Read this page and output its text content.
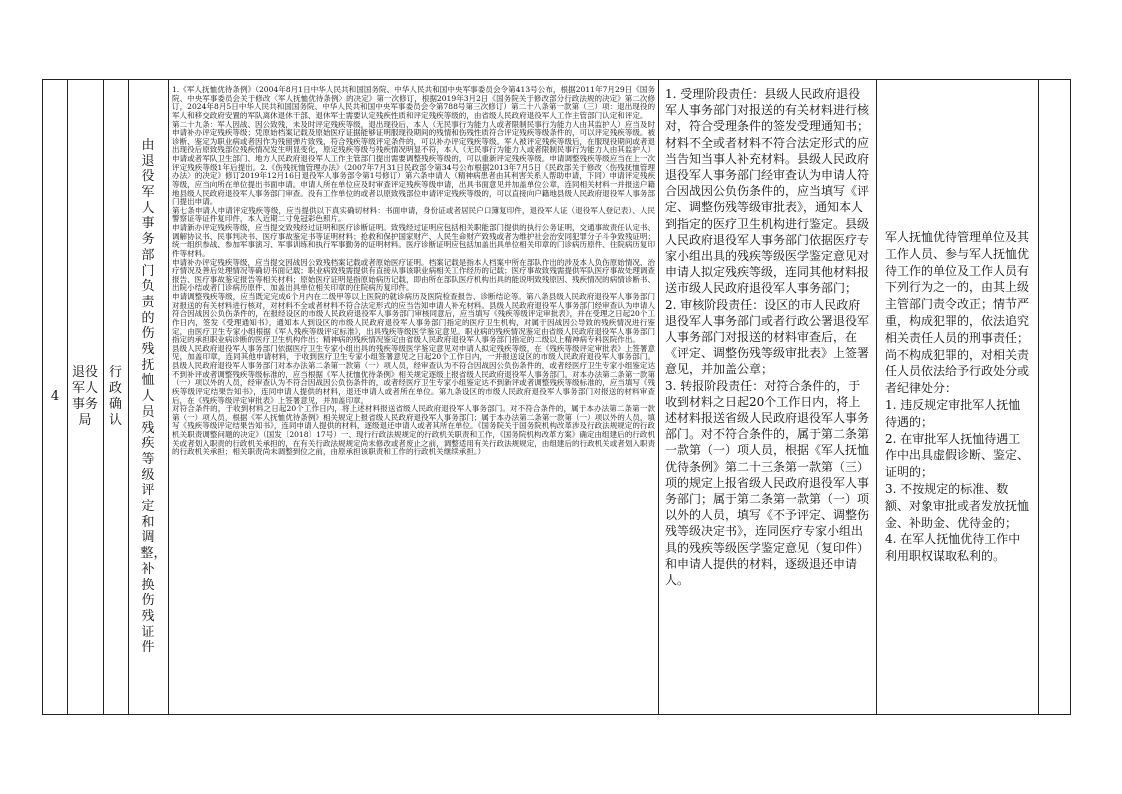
4
退役军人事务局
行政确认
由退役军人事务部门负责的伤残抚恤人员残疾等级评定和调整，补换伤残证件
1.《军人抚恤优待条例》（2004年8月1日中华人民共和国国务院、中华人民共和国中央军事委员会令第413号公布，根据2011年7月29日《国务院、中央军事委员会关于修改〈军人抚恤优待条例〉的决定》第一次修订，根据2019年3月2日《国务院关于修改部分行政法规的决定》第二次修订，2024年8月5日中华人民共和国国务院、中华人民共和国中央军事委员会令第788号第三次修订）第二十八条第一款第（三）项：退出现役的军人和移交政府安置的军队离休退休干部、退休军士需要认定残疾性质和评定残疾等级的，由省级人民政府退役军人工作主管部门认定和评定。
第二十九条：军人因战、因公致残，未及时评定残疾等级，退出现役后，本人（无民事行为能力人或者限制民事行为能力人由其监护人）应当及时申请补办评定残疾等级；凭原始档案记载及原始医疗证据能够证明服现役期间的残情和伤残性质符合评定残疾等级条件的，可以评定残疾等级。被诊断、鉴定为职业病或者因作为残留弹片致残，符合残疾等级评定条件的，可以补办评定残疾等级。军人被评定残疾等级后，在服现役期间或者退出现役后原致残部位残疾情况发生明显变化，原定残疾等级与残疾情况明显不符，本人（无民事行为能力人或者限制民事行为能力人由其监护人）申请或者军队卫生部门、地方人民政府退役军人工作主管部门提出需要调整残疾等级的，可以重新评定残疾等级。申请调整残疾等级应当在上一次评定残疾等级1年后提出。2.《伤残抚恤管理办法》（2007年7月31日民政部令第34号公布根据2013年7月5日《民政部关于修改〈伤残抚恤管理办法〉的决定》修订2019年12月16日退役军人事务部令第1号修订）第六条申请人（精神病患者由其利害关系人帮助申请，下同）申请评定残疾等级，应当向所在单位提出书面申请。申请人所在单位应及时审查评定残疾等级申请，出具书面意见并加盖单位公章，连同相关材料一并报送户籍地县级人民政府退役军人事务部门审查。没有工作单位的或者以原致残部位申请评定残疾等级的，可以直接向户籍地县级人民政府退役军人事务部门提出申请。
第七条申请人申请评定残疾等级，应当提供以下真实确切材料：书面申请，身份证或者居民户口簿复印件，退役军人证（退役军人登记表）、人民警察证等证件复印件，本人近期二寸免冠彩色照片。
申请新办评定残疾等级，应当提交致残经过证明和医疗诊断证明。致残经过证明应包括相关职能部门提供的执行公务证明，交通事故责任认定书、调解协议书、民事判决书、医疗事故鉴定书等证明材料；抢救和保护国家财产、人民生命财产致残或者为维护社会治安同犯罪分子斗争致残证明；统一组织参战、参加军事演习、军事训练和执行军事勤务的证明材料。医疗诊断证明应包括加盖出具单位相关印章的门诊病历原件、住院病历复印件等材料。
申请补办评定残疾等级，应当提交因战因公致残档案记载或者原始医疗证明。档案记载是指本人档案中所在部队作出的涉及本人负伤原始情况、治疗情况及善后处理情况等确切书面记载；职业病致残需提供有直接从事该职业病相关工作经历的记载；医疗事故致残需提供军队医疗事故处理调查报告、医疗事故鉴定报告等相关材料；原始医疗证明是指原始病历记载，即由所在部队医疗机构出具的能说明致残原因、残疾情况的病情诊断书、出院小结或者门诊病历原件、加盖出具单位相关印章的住院病历复印件。
申请调整残疾等级，应当既定完成6个月内在二级甲等以上医院的就诊病历及医院检查报告、诊断结论等。第八条县级人民政府退役军人事务部门对报送的有关材料进行核对，对材料不全或者材料不符合法定形式的应当告知申请人补充材料。县级人民政府退役军人事务部门经审查认为申请人符合因战因公负伤条件的，在报经设区的市级人民政府退役军人事务部门审核同意后，应当填写《残疾等级评定审批表》，并在受理之日起20个工作日内，签发《受理通知书》，通知本人到设区的市级人民政府退役军人事务部门指定的医疗卫生机构，对属于因战因公导致的残疾情况进行鉴定，由医疗卫生专家小组根据《军人残疾等级评定标准》，出具残疾等级医学鉴定意见。职业病的残疾情况鉴定由省级人民政府退役军人事务部门指定的承担职业病诊断的医疗卫生机构作出；精神病的残疾情况鉴定由省级人民政府退役军人事务部门指定的二级以上精神病专科医院作出。
县级人民政府退役军人事务部门依据医疗卫生专家小组出具的残疾等级医学鉴定意见对申请人拟定残疾等级，在《残疾等级评定审批表》上签署意见，加盖印章，连同其他申请材料，于收到医疗卫生专家小组签署意见之日起20个工作日内，一并报送设区的市级人民政府退役军人事务部门。县级人民政府退役军人事务部门对本办法第二条第一款第（一）项人员，经审查认为不符合因战因公负伤条件的，或者经医疗卫生专家小组鉴定达不到补评或者调整残疾等级标准的，应当根据《军人抚恤优待条例》相关规定逐级上报省级人民政府退役军人事务部门。对本办法第二条第一款第（一）项以外的人员，经审查认为不符合因战因公负伤条件的，或者经医疗卫生专家小组鉴定达不到新评或者调整残疾等级标准的，应当填写《残疾等级评定结果告知书》，连同申请人提供的材料，退还申请人或者所在单位。第九条设区的市级人民政府退役军人事务部门对报送的材料审查后，在《残疾等级评定审批表》上签署意见，并加盖印章。
对符合条件的，于收到材料之日起20个工作日内，将上述材料报送省级人民政府退役军人事务部门。对不符合条件的，属于本办法第二条第一款第（一）项人员，根据《军人抚恤优待条例》相关规定上报省级人民政府退役军人事务部门；属于本办法第二条第一款第（一）项以外的人员，填写《残疾等级评定结果告知书》，连同申请人提供的材料，逐级退还申请人或者其所在单位。《国务院关于国务院机构改革涉及行政法规规定的行政机关职责调整问题的决定》（国发〔2018〕17号）一、现行行政法规规定的行政机关职责和工作，《国务院机构改革方案》确定由组建后的行政机关或者划入职责的行政机关承担的，在有关行政法规规定尚未修改或者废止之前，调整适用有关行政法规规定，由组建后的行政机关或者划入职责的行政机关承担；相关职责尚未调整到位之前，由原承担该职责和工作的行政机关继续承担。）
1. 受理阶段责任：县级人民政府退役军人事务部门对报送的有关材料进行核对，符合受理条件的签发受理通知书；材料不全或者材料不符合法定形式的应当告知当事人补充材料。县级人民政府退役军人事务部门经审查认为申请人符合因战因公负伤条件的，应当填写《评定、调整伤残等级审批表》，通知本人到指定的医疗卫生机构进行鉴定。县级人民政府退役军人事务部门依据医疗专家小组出具的残疾等级医学鉴定意见对申请人拟定残疾等级，连同其他材料报送市级人民政府退役军人事务部门；
2. 审核阶段责任：设区的市人民政府退役军人事务部门或者行政公署退役军人事务部门对报送的材料审查后，在《评定、调整伤残等级审批表》上签署意见，并加盖公章；
3. 转报阶段责任：对符合条件的，于收到材料之日起20个工作日内，将上述材料报送省级人民政府退役军人事务部门。对不符合条件的，属于第二条第一款第（一）项人员，根据《军人抚恤优待条例》第二十三条第一款第（三）项的规定上报省级人民政府退役军人事务部门；属于第二条第一款第（一）项以外的人员，填写《不予评定、调整伤残等级决定书》，连同医疗专家小组出具的残疾等级医学鉴定意见（复印件）和申请人提供的材料，逐级退还申请人。
军人抚恤优待管理单位及其工作人员、参与军人抚恤优待工作的单位及工作人员有下列行为之一的，由其上级主管部门责令改正；情节严重，构成犯罪的，依法追究相关责任人员的刑事责任；尚不构成犯罪的，对相关责任人员依法给予行政处分或者纪律处分：
1. 违反规定审批军人抚恤待遇的；
2. 在审批军人抚恤待遇工作中出具虚假诊断、鉴定、证明的；
3. 不按规定的标准、数额、对象审批或者发放抚恤金、补助金、优待金的；
4. 在军人抚恤优待工作中利用职权谋取私利的。
